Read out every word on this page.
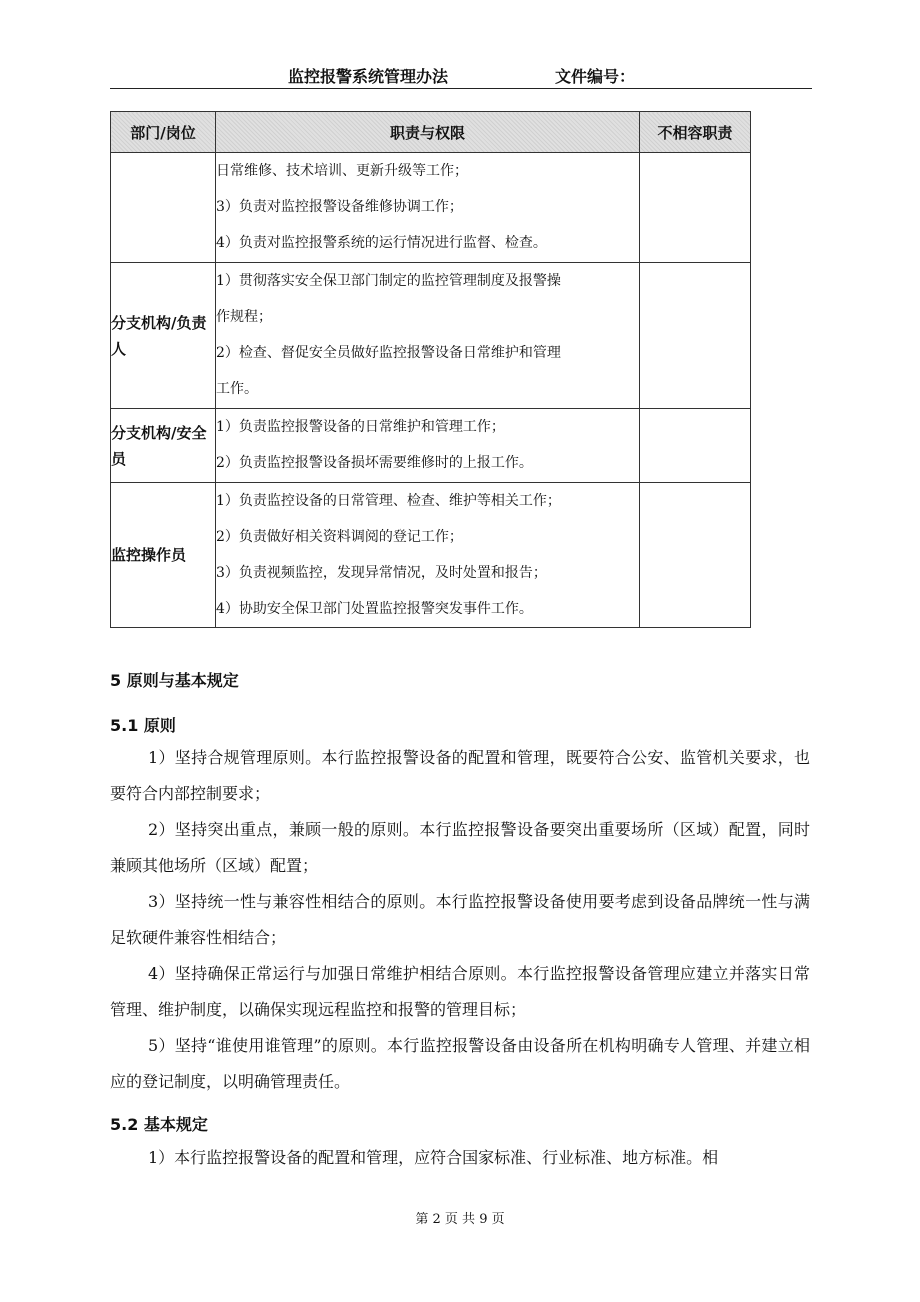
监控报警系统管理办法	文件编号：
部门/岗位	职责与权限	不相容职责

	日常维修、技术培训、更新升级等工作；
3）负责对监控报警设备维修协调工作；
4）负责对监控报警系统的运行情况进行监督、检查。	

分支机构/负责人	1）贯彻落实安全保卫部门制定的监控管理制度及报警操
作规程；
2）检查、督促安全员做好监控报警设备日常维护和管理
工作。	

分支机构/安全员	1）负责监控报警设备的日常维护和管理工作；
2）负责监控报警设备损坏需要维修时的上报工作。	

监控操作员	1）负责监控设备的日常管理、检查、维护等相关工作；
2）负责做好相关资料调阅的登记工作；
3）负责视频监控，发现异常情况，及时处置和报告；
4）协助安全保卫部门处置监控报警突发事件工作。	

5 原则与基本规定
5.1 原则
1）坚持合规管理原则。本行监控报警设备的配置和管理，既要符合公安、监管机关要求，也要符合内部控制要求；
2）坚持突出重点，兼顾一般的原则。本行监控报警设备要突出重要场所（区域）配置，同时兼顾其他场所（区域）配置；
3）坚持统一性与兼容性相结合的原则。本行监控报警设备使用要考虑到设备品牌统一性与满足软硬件兼容性相结合；
4）坚持确保正常运行与加强日常维护相结合原则。本行监控报警设备管理应建立并落实日常管理、维护制度，以确保实现远程监控和报警的管理目标；
5）坚持“谁使用谁管理”的原则。本行监控报警设备由设备所在机构明确专人管理、并建立相应的登记制度，以明确管理责任。
5.2 基本规定
1）本行监控报警设备的配置和管理，应符合国家标准、行业标准、地方标准。相
第 2 页 共 9 页
